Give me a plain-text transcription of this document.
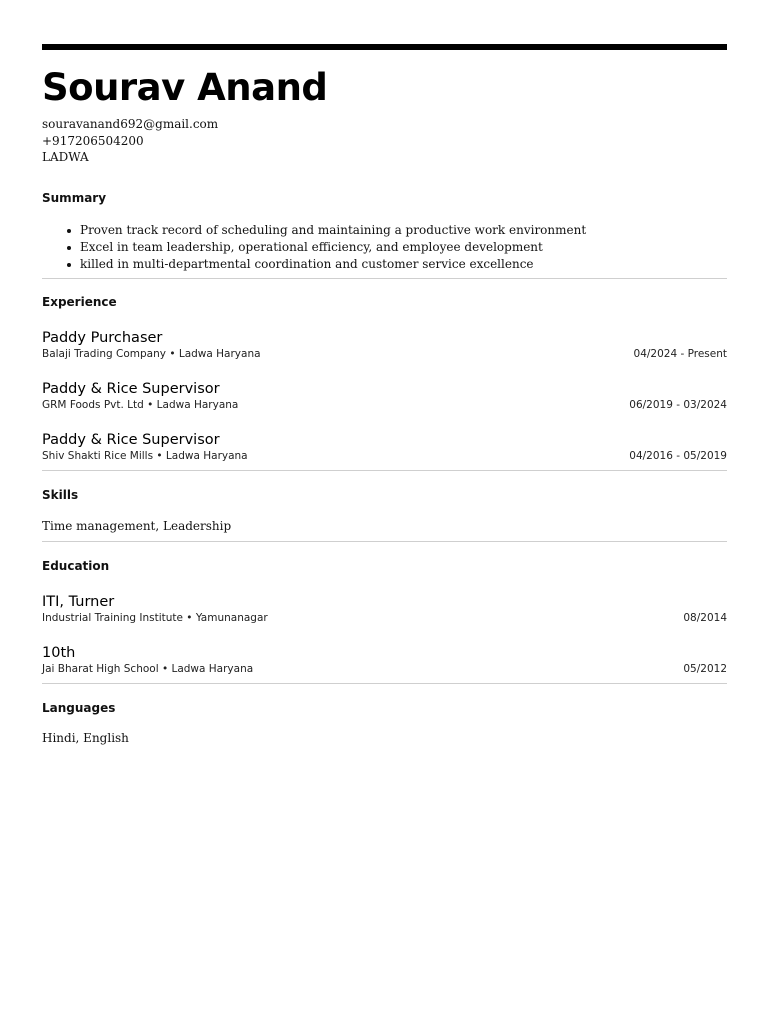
Sourav Anand
souravanand692@gmail.com
+917206504200
LADWA
Summary
Proven track record of scheduling and maintaining a productive work environment
Excel in team leadership, operational efficiency, and employee development
killed in multi-departmental coordination and customer service excellence
Experience
Paddy Purchaser
Balaji Trading Company • Ladwa Haryana	04/2024 - Present
Paddy & Rice Supervisor
GRM Foods Pvt. Ltd • Ladwa Haryana	06/2019 - 03/2024
Paddy & Rice Supervisor
Shiv Shakti Rice Mills • Ladwa Haryana	04/2016 - 05/2019
Skills
Time management, Leadership
Education
ITI, Turner
Industrial Training Institute • Yamunanagar	08/2014
10th
Jai Bharat High School • Ladwa Haryana	05/2012
Languages
Hindi, English
